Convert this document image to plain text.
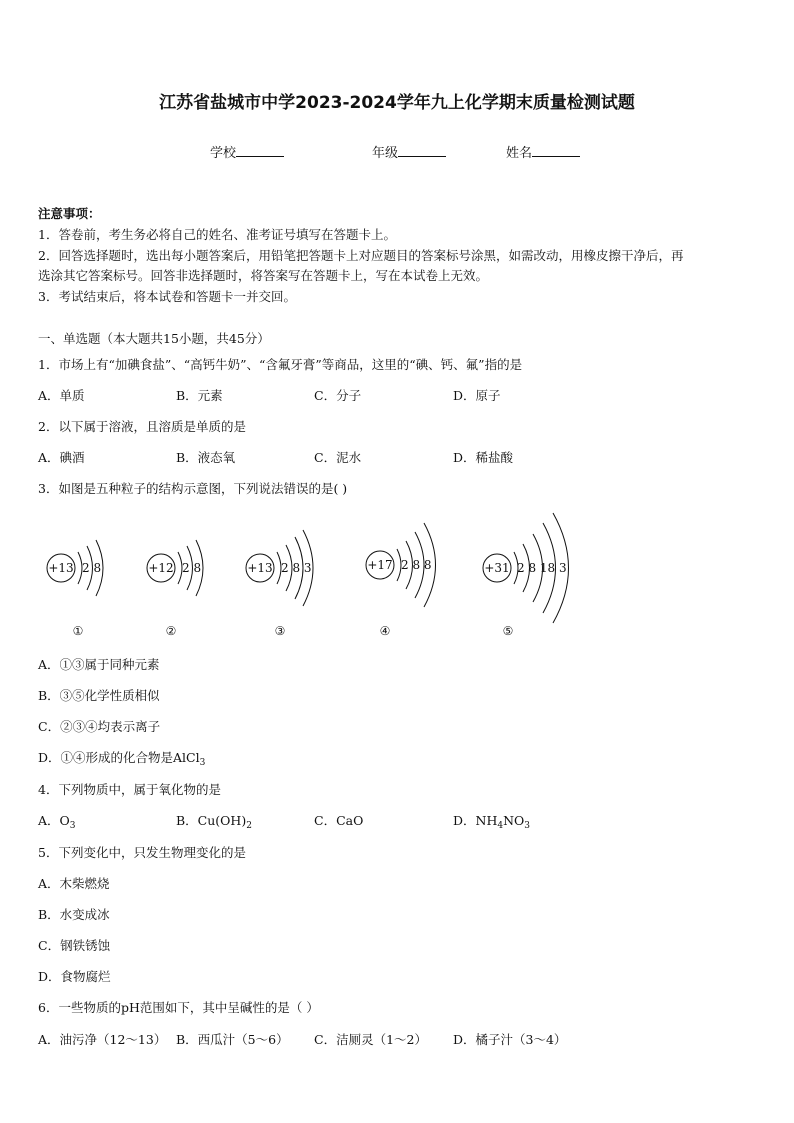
江苏省盐城市中学2023-2024学年九上化学期末质量检测试题
学校	年级	姓名
注意事项：
1．答卷前，考生务必将自己的姓名、准考证号填写在答题卡上。
2．回答选择题时，选出每小题答案后，用铅笔把答题卡上对应题目的答案标号涂黑，如需改动，用橡皮擦干净后，再
选涂其它答案标号。回答非选择题时，将答案写在答题卡上，写在本试卷上无效。
3．考试结束后，将本试卷和答题卡一并交回。
一、单选题（本大题共15小题，共45分）
1．市场上有“加碘食盐”、“高钙牛奶”、“含氟牙膏”等商品，这里的“碘、钙、氟”指的是
A．单质	B．元素	C．分子	D．原子
2．以下属于溶液，且溶质是单质的是
A．碘酒	B．液态氧	C．泥水	D．稀盐酸
3．如图是五种粒子的结构示意图，下列说法错误的是( )
+13 2 8
①
+12 2 8
②
+13 2 8 3
③
+17 2 8 8
④
+31 2 8 18 3
⑤
A．①③属于同种元素
B．③⑤化学性质相似
C．②③④均表示离子
D．①④形成的化合物是AlCl$_3$
4．下列物质中，属于氧化物的是
A．$O_3$	B．$Cu(OH)_2$	C．CaO	D．$NH_4NO_3$
5．下列变化中，只发生物理变化的是
A．木柴燃烧
B．水变成冰
C．钢铁锈蚀
D．食物腐烂
6．一些物质的pH范围如下，其中呈碱性的是（ ）
A．油污净（12～13） B．西瓜汁（5～6） C．洁厕灵（1～2） D．橘子汁（3～4）
